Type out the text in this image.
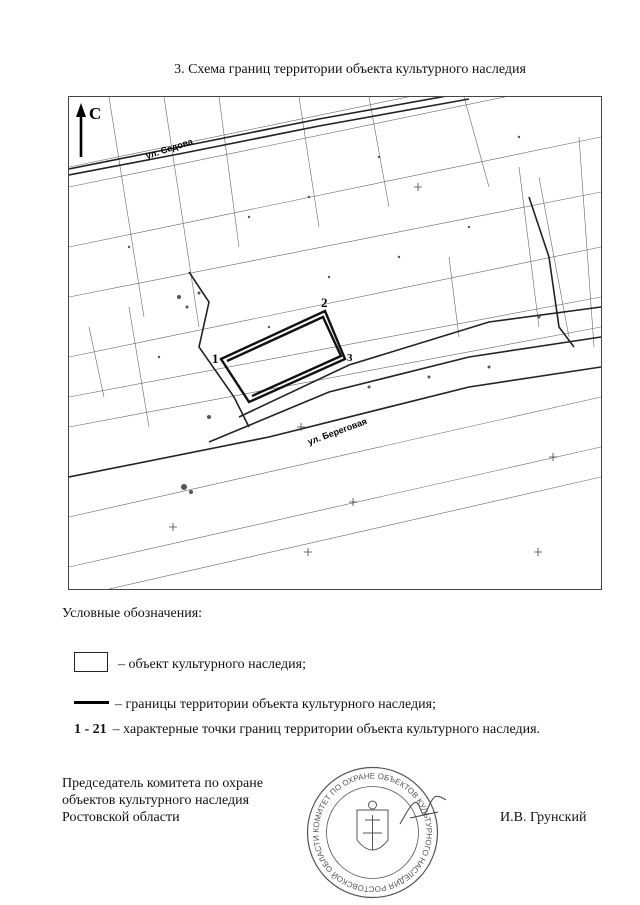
3. Схема границ территории объекта культурного наследия
С
ул. Седова
ул. Береговая
1
2
3
Условные обозначения:
– объект культурного наследия;
– границы территории объекта культурного наследия;
1 - 21 – характерные точки границ территории объекта культурного наследия.
Председатель комитета по охране
объектов культурного наследия
Ростовской области
КОМИТЕТ ПО ОХРАНЕ ОБЪЕКТОВ КУЛЬТУРНОГО НАСЛЕДИЯ РОСТОВСКОЙ ОБЛАСТИ
И.В. Грунский
